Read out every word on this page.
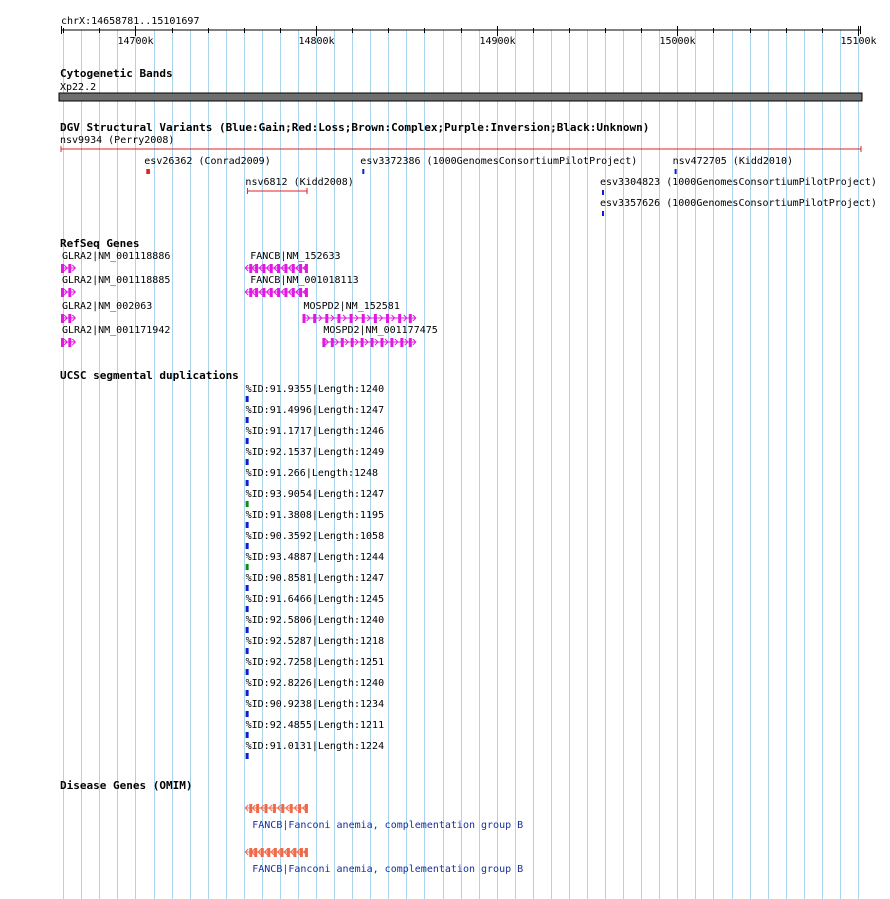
chrX:14658781..15101697
14700k	14800k	14900k	15000k	15100k
Cytogenetic Bands
Xp22.2
DGV Structural Variants (Blue:Gain;Red:Loss;Brown:Complex;Purple:Inversion;Black:Unknown)
nsv9934 (Perry2008)
esv26362 (Conrad2009)	esv3372386 (1000GenomesConsortiumPilotProject)	nsv472705 (Kidd2010)
nsv6812 (Kidd2008)	esv3304823 (1000GenomesConsortiumPilotProject)
esv3357626 (1000GenomesConsortiumPilotProject)
RefSeq Genes
GLRA2|NM_001118886	FANCB|NM_152633
GLRA2|NM_001118885	FANCB|NM_001018113
GLRA2|NM_002063	MOSPD2|NM_152581
GLRA2|NM_001171942	MOSPD2|NM_001177475
UCSC segmental duplications
%ID:91.9355|Length:1240
%ID:91.4996|Length:1247
%ID:91.1717|Length:1246
%ID:92.1537|Length:1249
%ID:91.266|Length:1248
%ID:93.9054|Length:1247
%ID:91.3808|Length:1195
%ID:90.3592|Length:1058
%ID:93.4887|Length:1244
%ID:90.8581|Length:1247
%ID:91.6466|Length:1245
%ID:92.5806|Length:1240
%ID:92.5287|Length:1218
%ID:92.7258|Length:1251
%ID:92.8226|Length:1240
%ID:90.9238|Length:1234
%ID:92.4855|Length:1211
%ID:91.0131|Length:1224
Disease Genes (OMIM)
FANCB|Fanconi anemia, complementation group B
FANCB|Fanconi anemia, complementation group B
